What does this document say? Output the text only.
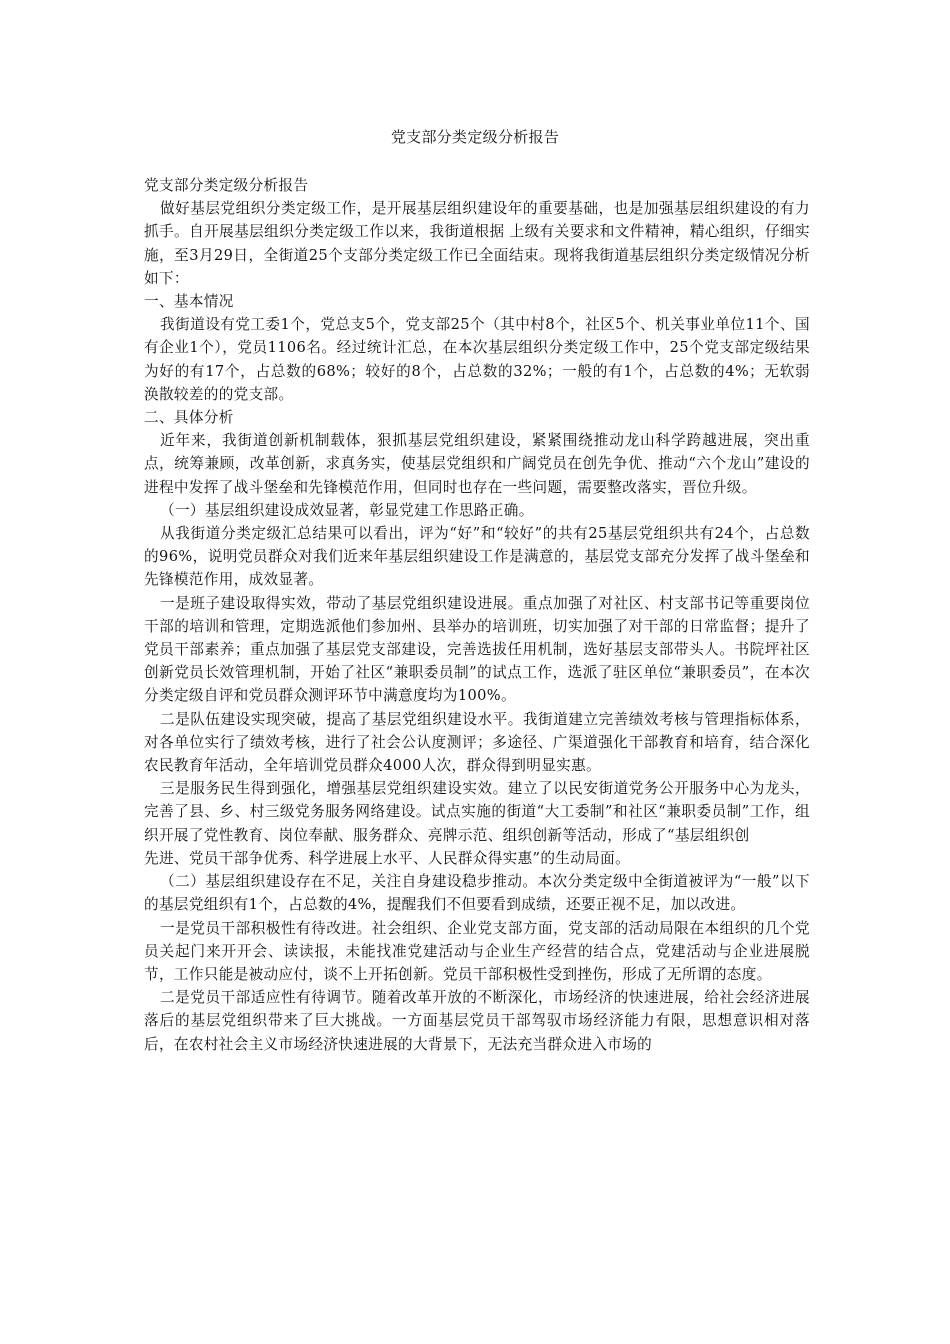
党支部分类定级分析报告

党支部分类定级分析报告

做好基层党组织分类定级工作，是开展基层组织建设年的重要基础，也是加强基层组织建设的有力抓手。自开展基层组织分类定级工作以来，我街道根据 上级有关要求和文件精神，精心组织，仔细实施，至3月29日，全街道25个支部分类定级工作已全面结束。现将我街道基层组织分类定级情况分析如下：

一、基本情况

我街道设有党工委1个，党总支5个，党支部25个（其中村8个，社区5个、机关事业单位11个、国有企业1个），党员1106名。经过统计汇总，在本次基层组织分类定级工作中，25个党支部定级结果为好的有17个，占总数的68%；较好的8个，占总数的32%；一般的有1个，占总数的4%；无软弱涣散较差的的党支部。

二、具体分析

近年来，我街道创新机制载体，狠抓基层党组织建设，紧紧围绕推动龙山科学跨越进展，突出重点，统筹兼顾，改革创新，求真务实，使基层党组织和广阔党员在创先争优、推动“六个龙山”建设的进程中发挥了战斗堡垒和先锋模范作用，但同时也存在一些问题，需要整改落实，晋位升级。

（一）基层组织建设成效显著，彰显党建工作思路正确。

从我街道分类定级汇总结果可以看出，评为“好”和“较好”的共有25基层党组织共有24个，占总数的96%，说明党员群众对我们近来年基层组织建设工作是满意的，基层党支部充分发挥了战斗堡垒和先锋模范作用，成效显著。

一是班子建设取得实效，带动了基层党组织建设进展。重点加强了对社区、村支部书记等重要岗位干部的培训和管理，定期选派他们参加州、县举办的培训班，切实加强了对干部的日常监督；提升了党员干部素养；重点加强了基层党支部建设，完善选拔任用机制，选好基层支部带头人。书院坪社区创新党员长效管理机制，开始了社区“兼职委员制”的试点工作，选派了驻区单位“兼职委员”，在本次分类定级自评和党员群众测评环节中满意度均为100%。

二是队伍建设实现突破，提高了基层党组织建设水平。我街道建立完善绩效考核与管理指标体系，对各单位实行了绩效考核，进行了社会公认度测评；多途径、广渠道强化干部教育和培育，结合深化农民教育年活动，全年培训党员群众4000人次，群众得到明显实惠。

三是服务民生得到强化，增强基层党组织建设实效。建立了以民安街道党务公开服务中心为龙头，完善了县、乡、村三级党务服务网络建设。试点实施的街道“大工委制”和社区“兼职委员制”工作，组织开展了党性教育、岗位奉献、服务群众、亮牌示范、组织创新等活动，形成了“基层组织创

先进、党员干部争优秀、科学进展上水平、人民群众得实惠”的生动局面。

（二）基层组织建设存在不足，关注自身建设稳步推动。本次分类定级中全街道被评为“一般”以下的基层党组织有1个，占总数的4%，提醒我们不但要看到成绩，还要正视不足，加以改进。

一是党员干部积极性有待改进。社会组织、企业党支部方面，党支部的活动局限在本组织的几个党员关起门来开开会、读读报，未能找准党建活动与企业生产经营的结合点，党建活动与企业进展脱节，工作只能是被动应付，谈不上开拓创新。党员干部积极性受到挫伤，形成了无所谓的态度。

二是党员干部适应性有待调节。随着改革开放的不断深化，市场经济的快速进展，给社会经济进展落后的基层党组织带来了巨大挑战。一方面基层党员干部驾驭市场经济能力有限，思想意识相对落后，在农村社会主义市场经济快速进展的大背景下，无法充当群众进入市场的
